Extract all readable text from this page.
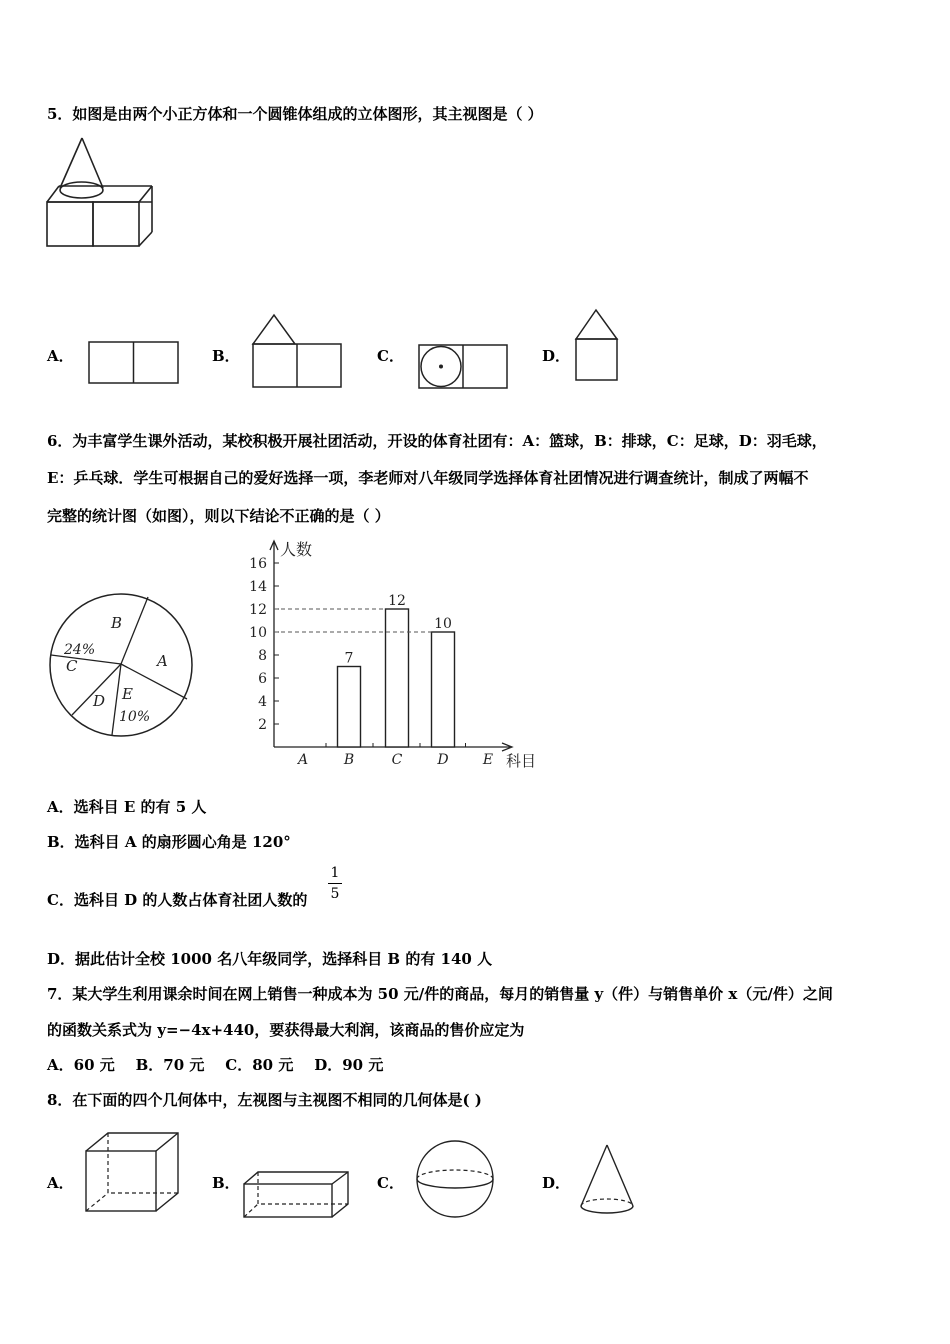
5．如图是由两个小正方体和一个圆锥体组成的立体图形，其主视图是（ ）
A．	B．	C．	D．
6．为丰富学生课外活动，某校积极开展社团活动，开设的体育社团有：A：篮球，B：排球，C：足球，D：羽毛球，
E：乒乓球．学生可根据自己的爱好选择一项，李老师对八年级同学选择体育社团情况进行调查统计，制成了两幅不
完整的统计图（如图），则以下结论不正确的是（ ）
A
B
C
D E
24%
10%
人数
科目
2
4
6
8
10
12
14
16
A	B	C	D E
7
12
10
A．选科目 E 的有 5 人
B．选科目 A 的扇形圆心角是 120°
C．选科目 D 的人数占体育社团人数的
1
5
D．据此估计全校 1000 名八年级同学，选择科目 B 的有 140 人
7．某大学生利用课余时间在网上销售一种成本为 50 元/件的商品，每月的销售量 y（件）与销售单价 x（元/件）之间
的函数关系式为 y=−4x+440，要获得最大利润，该商品的售价应定为
A．60 元    B．70 元    C．80 元    D．90 元
8．在下面的四个几何体中，左视图与主视图不相同的几何体是( )
A．	B．	C．	D．
